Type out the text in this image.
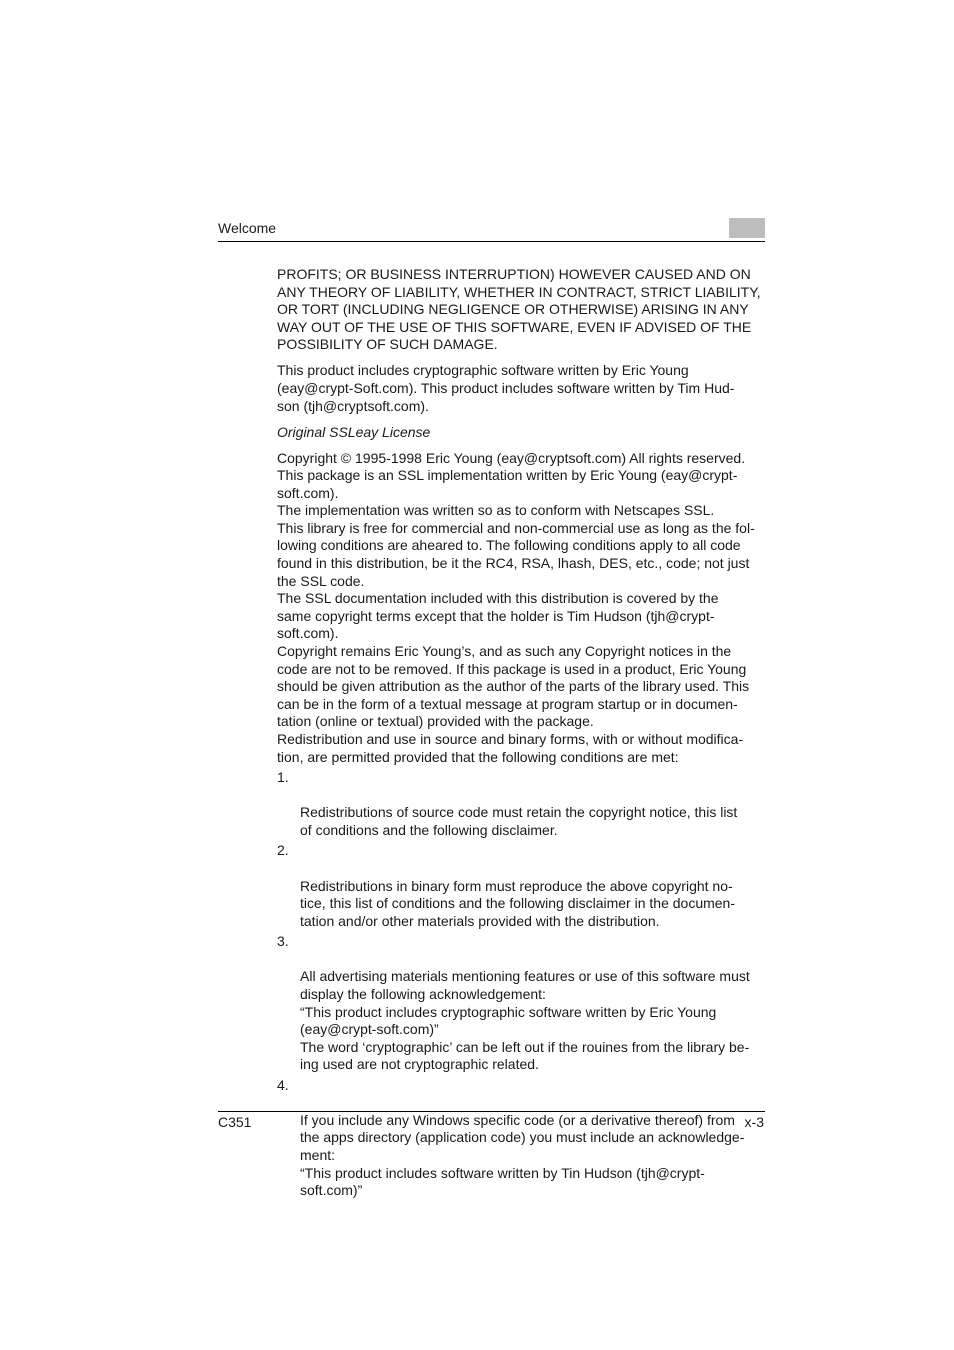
Welcome

PROFITS; OR BUSINESS INTERRUPTION) HOWEVER CAUSED AND ON
ANY THEORY OF LIABILITY, WHETHER IN CONTRACT, STRICT LIABILITY,
OR TORT (INCLUDING NEGLIGENCE OR OTHERWISE) ARISING IN ANY
WAY OUT OF THE USE OF THIS SOFTWARE, EVEN IF ADVISED OF THE
POSSIBILITY OF SUCH DAMAGE.

This product includes cryptographic software written by Eric Young
(eay@crypt-Soft.com). This product includes software written by Tim Hud-
son (tjh@cryptsoft.com).

Original SSLeay License

Copyright © 1995-1998 Eric Young (eay@cryptsoft.com) All rights reserved.
This package is an SSL implementation written by Eric Young (eay@crypt-
soft.com).
The implementation was written so as to conform with Netscapes SSL.
This library is free for commercial and non-commercial use as long as the fol-
lowing conditions are aheared to. The following conditions apply to all code
found in this distribution, be it the RC4, RSA, lhash, DES, etc., code; not just
the SSL code.
The SSL documentation included with this distribution is covered by the
same copyright terms except that the holder is Tim Hudson (tjh@crypt-
soft.com).
Copyright remains Eric Young’s, and as such any Copyright notices in the
code are not to be removed. If this package is used in a product, Eric Young
should be given attribution as the author of the parts of the library used. This
can be in the form of a textual message at program startup or in documen-
tation (online or textual) provided with the package.
Redistribution and use in source and binary forms, with or without modifica-
tion, are permitted provided that the following conditions are met:

1.

Redistributions of source code must retain the copyright notice, this list
of conditions and the following disclaimer.

2.

Redistributions in binary form must reproduce the above copyright no-
tice, this list of conditions and the following disclaimer in the documen-
tation and/or other materials provided with the distribution.

3.

All advertising materials mentioning features or use of this software must
display the following acknowledgement:
“This product includes cryptographic software written by Eric Young
(eay@crypt-soft.com)”
The word ‘cryptographic’ can be left out if the rouines from the library be-
ing used are not cryptographic related.

4.

If you include any Windows specific code (or a derivative thereof) from
the apps directory (application code) you must include an acknowledge-
ment:
“This product includes software written by Tin Hudson (tjh@crypt-
soft.com)”

C351	x-3
